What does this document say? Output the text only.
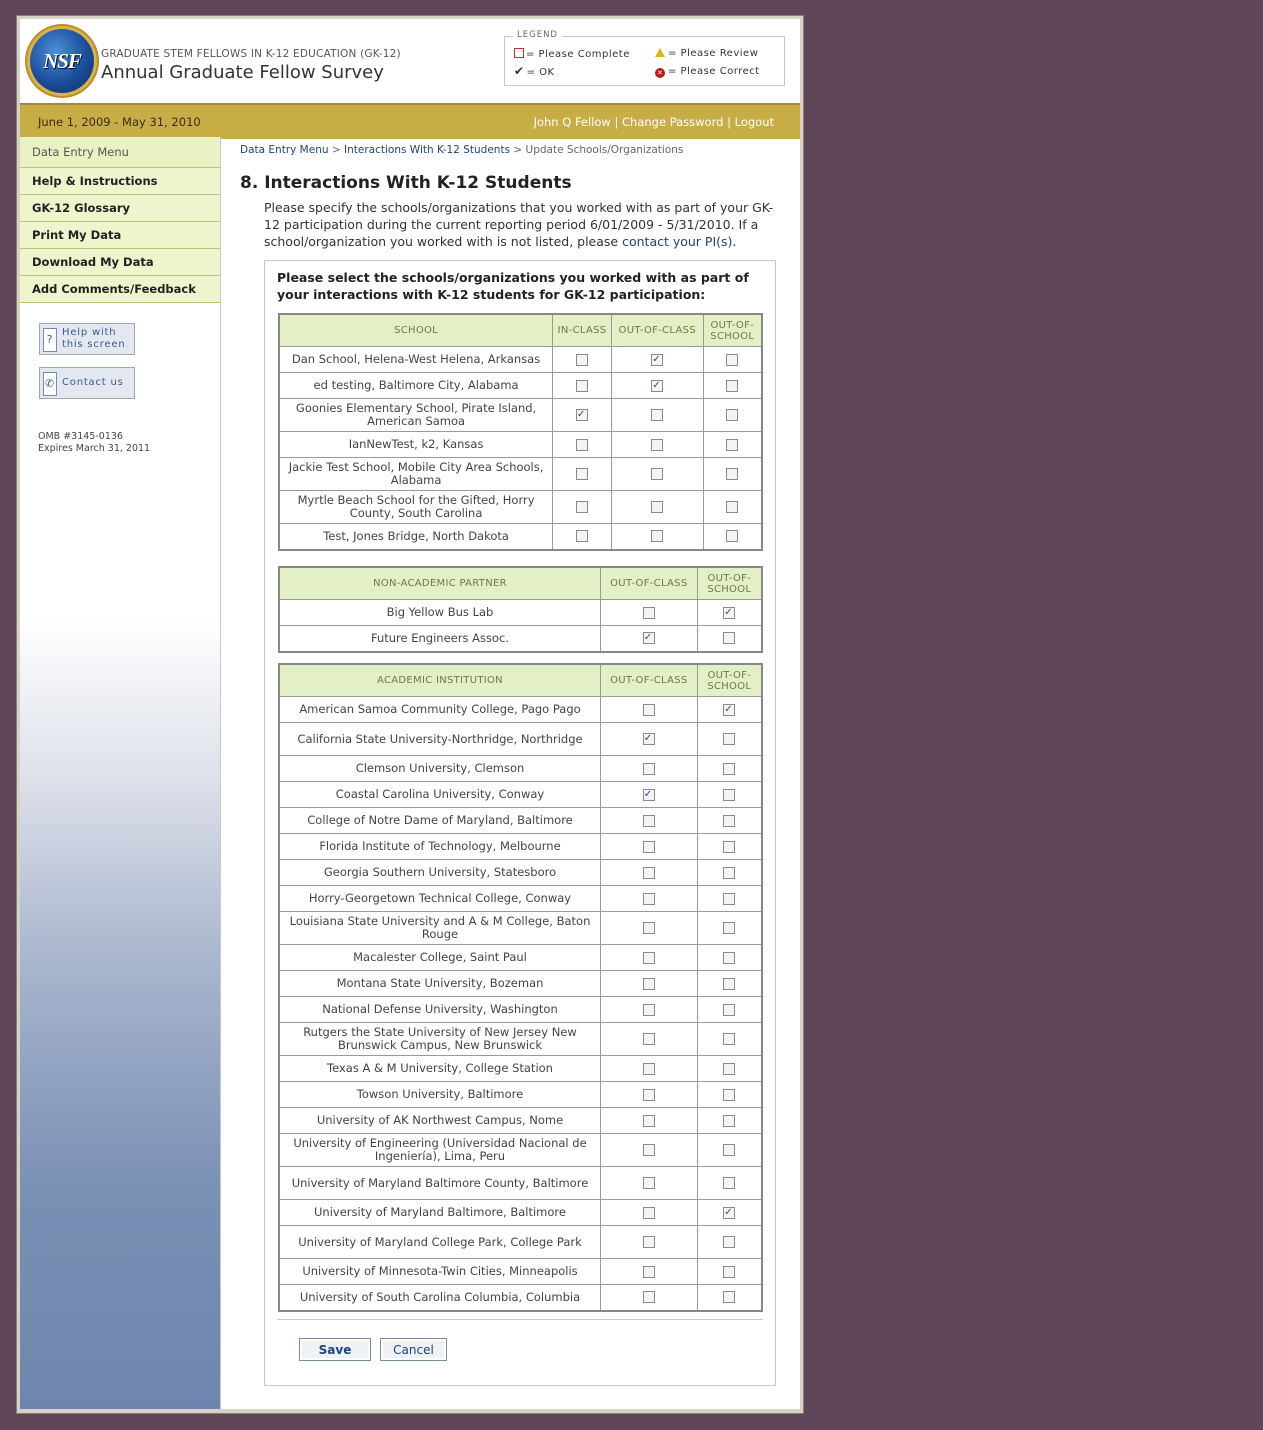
NSF	GRADUATE STEM FELLOWS IN K-12 EDUCATION (GK-12)
Annual Graduate Fellow Survey
LEGEND
= Please Complete
✔ = OK
= Please Review
✕ = Please Correct
June 1, 2009 - May 31, 2010	John Q Fellow | Change Password | Logout
Data Entry Menu
Help & Instructions
GK-12 Glossary
Print My Data
Download My Data
Add Comments/Feedback
?
Help with
this screen
✆ Contact us
OMB #3145-0136
Expires March 31, 2011
Data Entry Menu > Interactions With K-12 Students > Update Schools/Organizations
8. Interactions With K-12 Students
Please specify the schools/organizations that you worked with as part of your GK-12 participation during the current reporting period 6/01/2009 - 5/31/2010. If a school/organization you worked with is not listed, please contact your PI(s).
Please select the schools/organizations you worked with as part of your interactions with K-12 students for GK-12 participation:
SCHOOL	IN-CLASS	OUT-OF-CLASS	OUT-OF-SCHOOL
Dan School, Helena-West Helena, Arkansas		✓	
ed testing, Baltimore City, Alabama		✓	
Goonies Elementary School, Pirate Island, American Samoa	✓		
IanNewTest, k2, Kansas			
Jackie Test School, Mobile City Area Schools, Alabama			
Myrtle Beach School for the Gifted, Horry County, South Carolina			
Test, Jones Bridge, North Dakota			
NON-ACADEMIC PARTNER	OUT-OF-CLASS	OUT-OF-SCHOOL
Big Yellow Bus Lab		✓
Future Engineers Assoc.	✓	
ACADEMIC INSTITUTION	OUT-OF-CLASS	OUT-OF-SCHOOL
American Samoa Community College, Pago Pago		✓
California State University-Northridge, Northridge	✓	
Clemson University, Clemson		
Coastal Carolina University, Conway	✓	
College of Notre Dame of Maryland, Baltimore		
Florida Institute of Technology, Melbourne		
Georgia Southern University, Statesboro		
Horry-Georgetown Technical College, Conway		
Louisiana State University and A & M College, Baton Rouge		
Macalester College, Saint Paul		
Montana State University, Bozeman		
National Defense University, Washington		
Rutgers the State University of New Jersey New Brunswick Campus, New Brunswick		
Texas A & M University, College Station		
Towson University, Baltimore		
University of AK Northwest Campus, Nome		
University of Engineering (Universidad Nacional de Ingeniería), Lima, Peru		
University of Maryland Baltimore County, Baltimore		
University of Maryland Baltimore, Baltimore		✓
University of Maryland College Park, College Park		
University of Minnesota-Twin Cities, Minneapolis		
University of South Carolina Columbia, Columbia		
Save	Cancel
